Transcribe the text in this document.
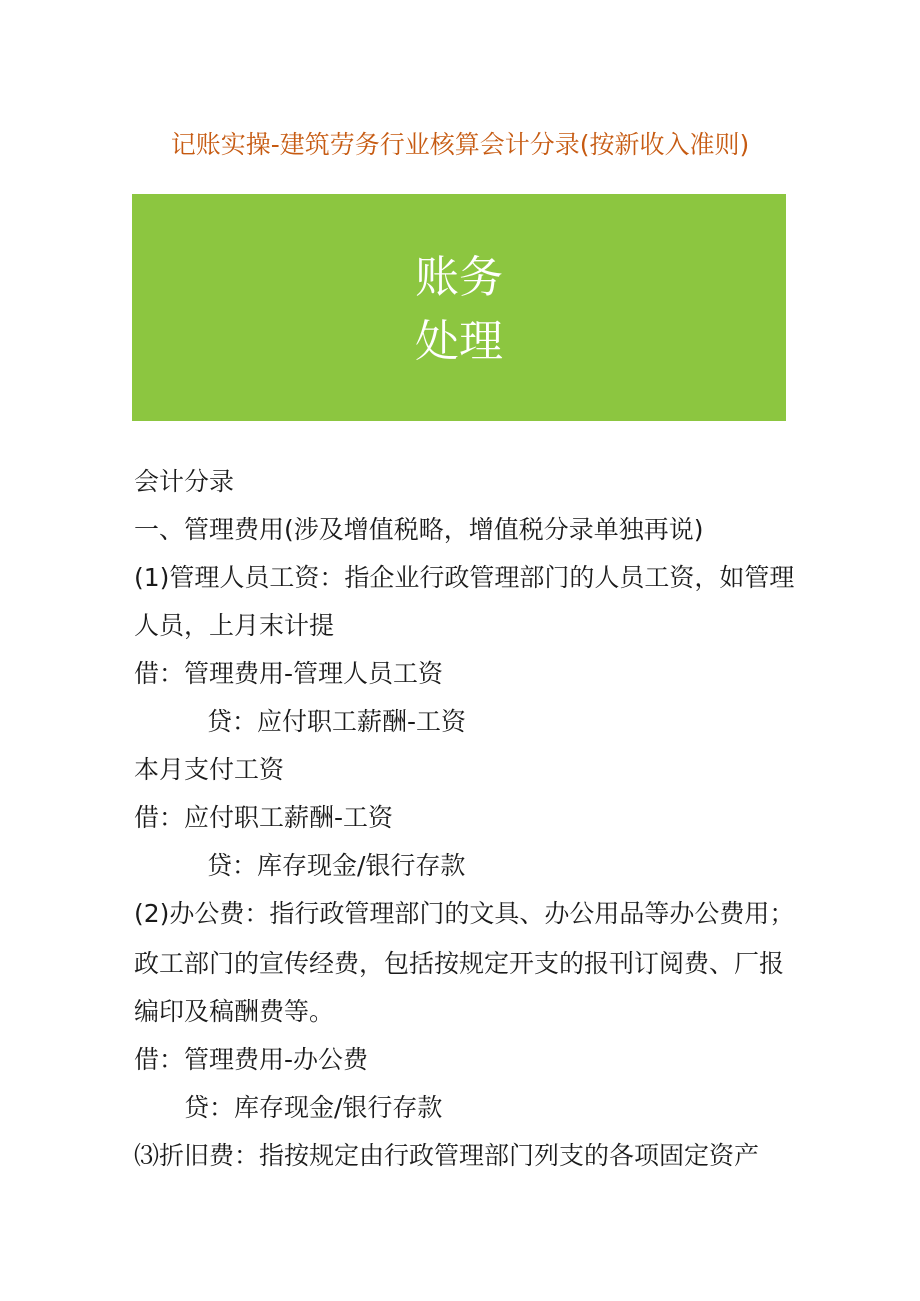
记账实操-建筑劳务行业核算会计分录(按新收入准则)
账务
处理
会计分录
一、管理费用(涉及增值税略，增值税分录单独再说)
(1)管理人员工资：指企业行政管理部门的人员工资，如管理
人员，上月末计提
借：管理费用-管理人员工资
贷：应付职工薪酬-工资
本月支付工资
借：应付职工薪酬-工资
贷：库存现金/银行存款
(2)办公费：指行政管理部门的文具、办公用品等办公费用；
政工部门的宣传经费，包括按规定开支的报刊订阅费、厂报
编印及稿酬费等。
借：管理费用-办公费
贷：库存现金/银行存款
⑶折旧费：指按规定由行政管理部门列支的各项固定资产
